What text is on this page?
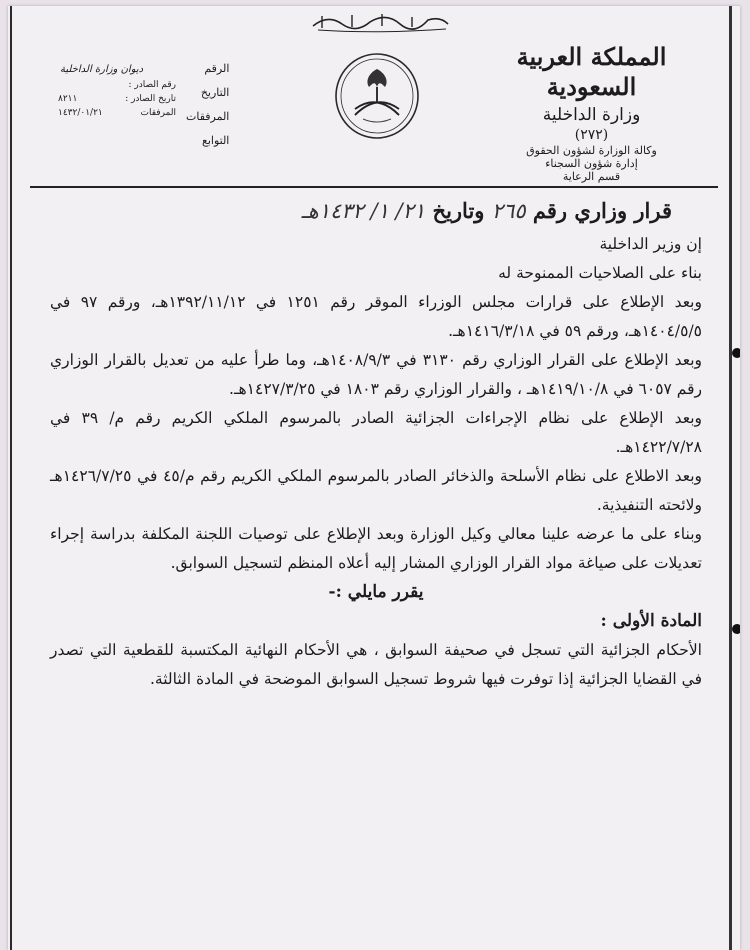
المملكة العربية السعودية
وزارة الداخلية
(٢٧٢)
وكالة الوزارة لشؤون الحقوق
إدارة شؤون السجناء
قسم الرعاية
الرقم
التاريخ
المرفقات
التوابع
ديوان وزارة الداخلية
رقم الصادر :
تاريخ الصادر :
٨٢١١
المرفقات
١٤٣٢/٠١/٢١
قرار وزاري رقم ٢٦٥ وتاريخ ٢١/ ١/ ١٤٣٢هـ

إن وزير الداخلية

بناء على الصلاحيات الممنوحة له

وبعد الإطلاع على قرارات مجلس الوزراء الموقر رقم ١٢٥١ في ١٣٩٢/١١/١٢هـ، ورقم ٩٧ في ١٤٠٤/٥/٥هـ، ورقم ٥٩ في ١٤١٦/٣/١٨هـ.

وبعد الإطلاع على القرار الوزاري رقم ٣١٣٠ في ١٤٠٨/٩/٣هـ، وما طرأ عليه من تعديل بالقرار الوزاري رقم ٦٠٥٧ في ١٤١٩/١٠/٨هـ ، والقرار الوزاري رقم ١٨٠٣ في ١٤٢٧/٣/٢٥هـ.

وبعد الإطلاع على نظام الإجراءات الجزائية الصادر بالمرسوم الملكي الكريم رقم م/ ٣٩ في ١٤٢٢/٧/٢٨هـ.

وبعد الاطلاع على نظام الأسلحة والذخائر الصادر بالمرسوم الملكي الكريم رقم م/٤٥ في ١٤٢٦/٧/٢٥هـ ولائحته التنفيذية.

وبناء على ما عرضه علينا معالي وكيل الوزارة وبعد الإطلاع على توصيات اللجنة المكلفة بدراسة إجراء تعديلات على صياغة مواد القرار الوزاري المشار إليه أعلاه المنظم لتسجيل السوابق.

يقرر مايلي :-

المادة الأولى :

الأحكام الجزائية التي تسجل في صحيفة السوابق ، هي الأحكام النهائية المكتسبة للقطعية التي تصدر في القضايا الجزائية إذا توفرت فيها شروط تسجيل السوابق الموضحة في المادة الثالثة.
